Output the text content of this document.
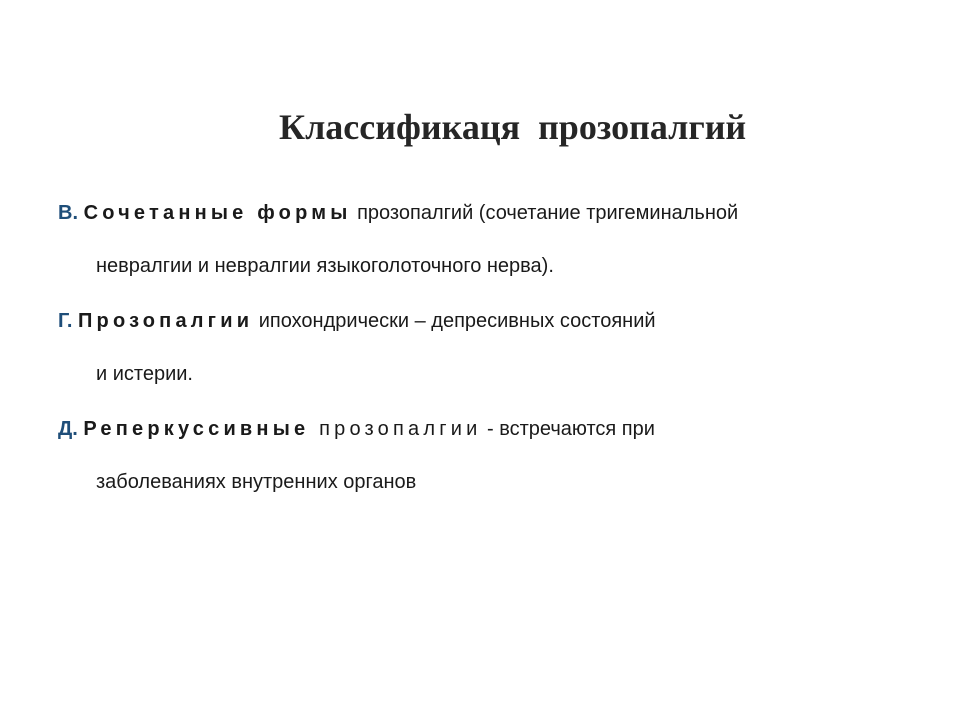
Классификаця  прозопалгий
В. Сочетанные формы прозопалгий (сочетание тригеминальной
невралгии и невралгии языкоголоточного нерва).
Г. Прозопалгии ипохондрически – депресивных состояний
и истерии.
Д. Реперкуссивные прозопалгии - встречаются при
заболеваниях внутренних органов
